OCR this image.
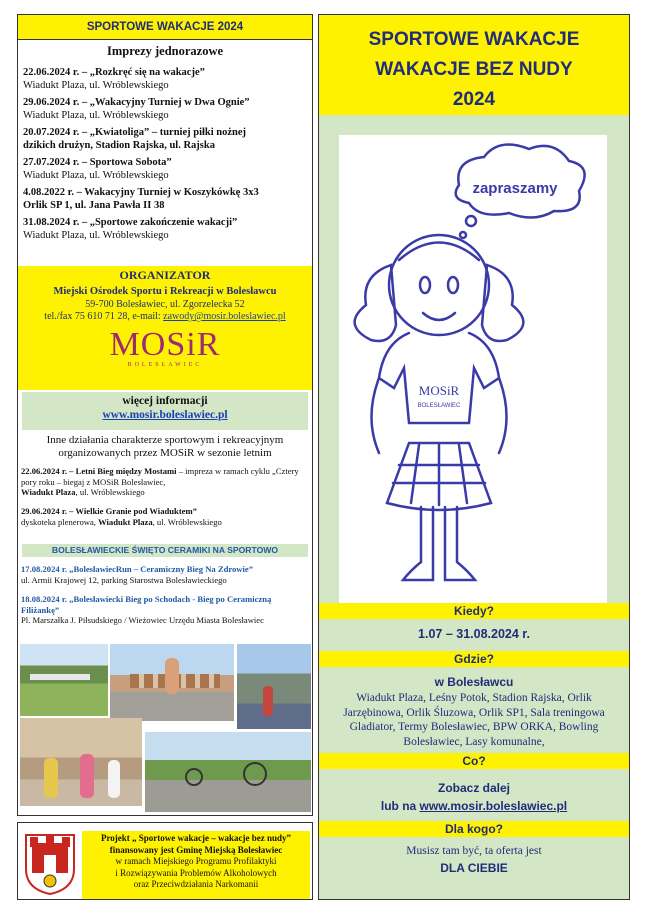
SPORTOWE WAKACJE 2024
Imprezy jednorazowe
22.06.2024 r. – „Rozkręć się na wakacje”
Wiadukt Plaza, ul. Wróblewskiego
29.06.2024 r. – „Wakacyjny Turniej w Dwa Ognie”
Wiadukt Plaza, ul. Wróblewskiego
20.07.2024 r. – „Kwiatoliga” – turniej piłki nożnej
dzikich drużyn, Stadion Rajska, ul. Rajska
27.07.2024 r. – Sportowa Sobota”
Wiadukt Plaza, ul. Wróblewskiego
4.08.2022 r. – Wakacyjny Turniej w Koszykówkę 3x3
Orlik SP 1, ul. Jana Pawła II 38
31.08.2024 r. – „Sportowe zakończenie wakacji”
Wiadukt Plaza, ul. Wróblewskiego
ORGANIZATOR
Miejski Ośrodek Sportu i Rekreacji w Bolesławcu
59-700 Bolesławiec, ul. Zgorzelecka 52
tel./fax 75 610 71 28, e-mail: zawody@mosir.boleslawiec.pl
MOSiR
BOLESŁAWIEC
więcej informacji
www.mosir.boleslawiec.pl
Inne działania charakterze sportowym i rekreacyjnym organizowanych przez MOSiR w sezonie letnim
22.06.2024 r. – Letni Bieg między Mostami – impreza w ramach cyklu „Cztery pory roku – biegaj z MOSiR Bolesławiec,
Wiadukt Plaza, ul. Wróblewskiego
29.06.2024 r. – Wielkie Granie pod Wiaduktem”
dyskoteka plenerowa, Wiadukt Plaza, ul. Wróblewskiego
BOLESŁAWIECKIE ŚWIĘTO CERAMIKI NA SPORTOWO
17.08.2024 r. „BolesławiecRun – Ceramiczny Bieg Na Zdrowie”
ul. Armii Krajowej 12, parking Starostwa Bolesławieckiego
18.08.2024 r. „Bolesławiecki Bieg po Schodach - Bieg po Ceramiczną Filiżankę”
Pl. Marszałka J. Piłsudskiego / Wieżowiec Urzędu Miasta Bolesławiec
Projekt „ Sportowe wakacje – wakacje bez nudy”
finansowany jest Gminę Miejską Bolesławiec
w ramach Miejskiego Programu Profilaktyki
i Rozwiązywania Problemów Alkoholowych
oraz Przeciwdziałania Narkomanii
SPORTOWE WAKACJE
WAKACJE BEZ NUDY
2024
zapraszamy
MOSiR
BOLESŁAWIEC
Kiedy?
1.07 – 31.08.2024 r.
Gdzie?
w Bolesławcu
Wiadukt Plaza, Leśny Potok, Stadion Rajska, Orlik Jarzębinowa, Orlik Śluzowa, Orlik SP1, Sala treningowa Gladiator, Termy Bolesławiec, BPW ORKA, Bowling Bolesławiec, Lasy komunalne,
Co?
Zobacz dalej
lub na www.mosir.boleslawiec.pl
Dla kogo?
Musisz tam być, ta oferta jest
DLA CIEBIE
